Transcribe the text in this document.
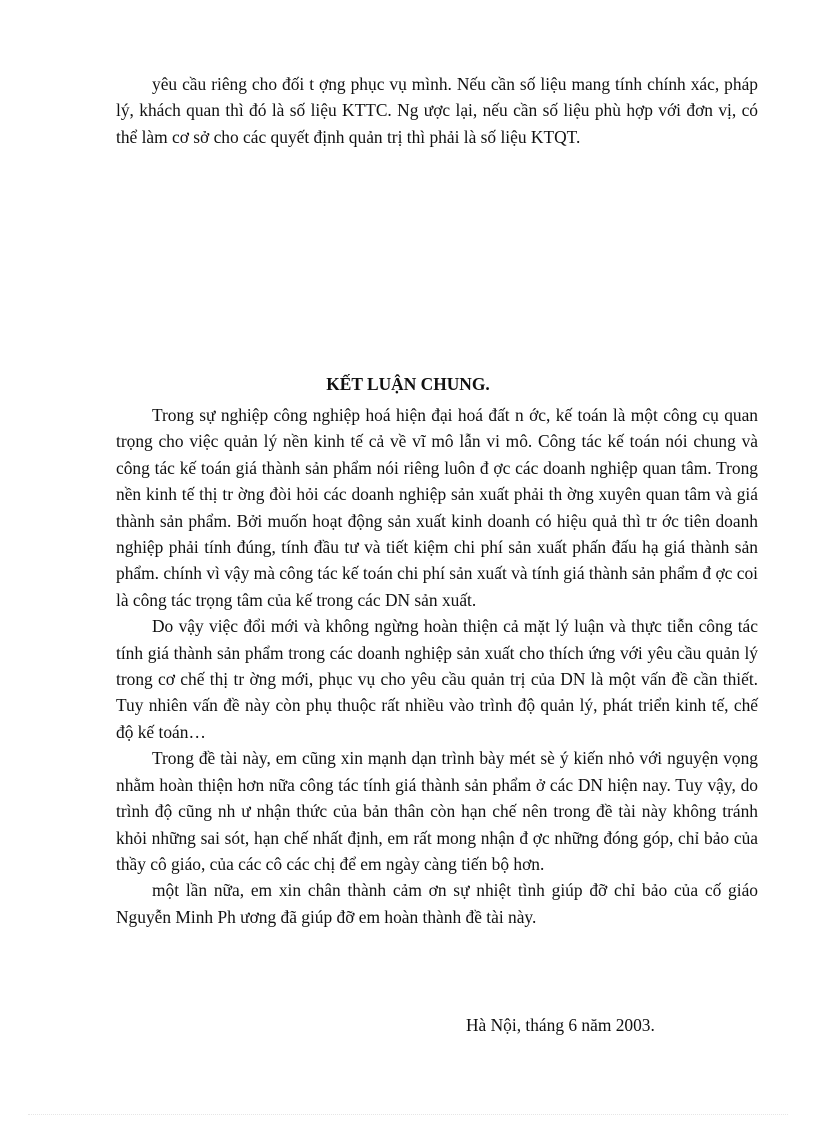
yêu cầu riêng cho đối t ợng phục vụ mình. Nếu cần số liệu mang tính chính xác, pháp lý, khách quan thì đó là số liệu KTTC. Ng ược lại, nếu cần số liệu phù hợp với đơn vị, có thể làm cơ sở cho các quyết định quản trị thì phải là số liệu KTQT.

KẾT LUẬN CHUNG.

Trong sự nghiệp công nghiệp hoá hiện đại hoá đất n ớc, kế toán là một công cụ quan trọng cho việc quản lý nền kinh tế cả về vĩ mô lẫn vi mô. Công tác kế toán nói chung và công tác kế toán giá thành sản phẩm nói riêng luôn đ ợc các doanh nghiệp quan tâm. Trong nền kinh tế thị tr ờng đòi hỏi các doanh nghiệp sản xuất phải th ờng xuyên quan tâm và giá thành sản phẩm. Bởi muốn hoạt động sản xuất kinh doanh có hiệu quả thì tr ớc tiên doanh nghiệp phải tính đúng, tính đầu tư và tiết kiệm chi phí sản xuất phấn đấu hạ giá thành sản phẩm. chính vì vậy mà công tác kế toán chi phí sản xuất và tính giá thành sản phẩm đ ợc coi là công tác trọng tâm của kế trong các DN sản xuất.

Do vậy việc đổi mới và không ngừng hoàn thiện cả mặt lý luận và thực tiễn công tác tính giá thành sản phẩm trong các doanh nghiệp sản xuất cho thích ứng với yêu cầu quản lý trong cơ chế thị tr ờng mới, phục vụ cho yêu cầu quản trị của DN là một vấn đề cần thiết. Tuy nhiên vấn đề này còn phụ thuộc rất nhiều vào trình độ quản lý, phát triển kinh tế, chế độ kế toán…

Trong đề tài này, em cũng xin mạnh dạn trình bày mét sè ý kiến nhỏ với nguyện vọng nhằm hoàn thiện hơn nữa công tác tính giá thành sản phẩm ở các DN hiện nay. Tuy vậy, do trình độ cũng nh ư nhận thức của bản thân còn hạn chế nên trong đề tài này không tránh khỏi những sai sót, hạn chế nhất định, em rất mong nhận đ ợc những đóng góp, chỉ bảo của thầy cô giáo, của các cô các chị để em ngày càng tiến bộ hơn.

một lần nữa, em xin chân thành cảm ơn sự nhiệt tình giúp đỡ chỉ bảo của cố giáo Nguyễn Minh Ph ương đã giúp đỡ em hoàn thành đề tài này.

Hà Nội, tháng 6 năm 2003.
